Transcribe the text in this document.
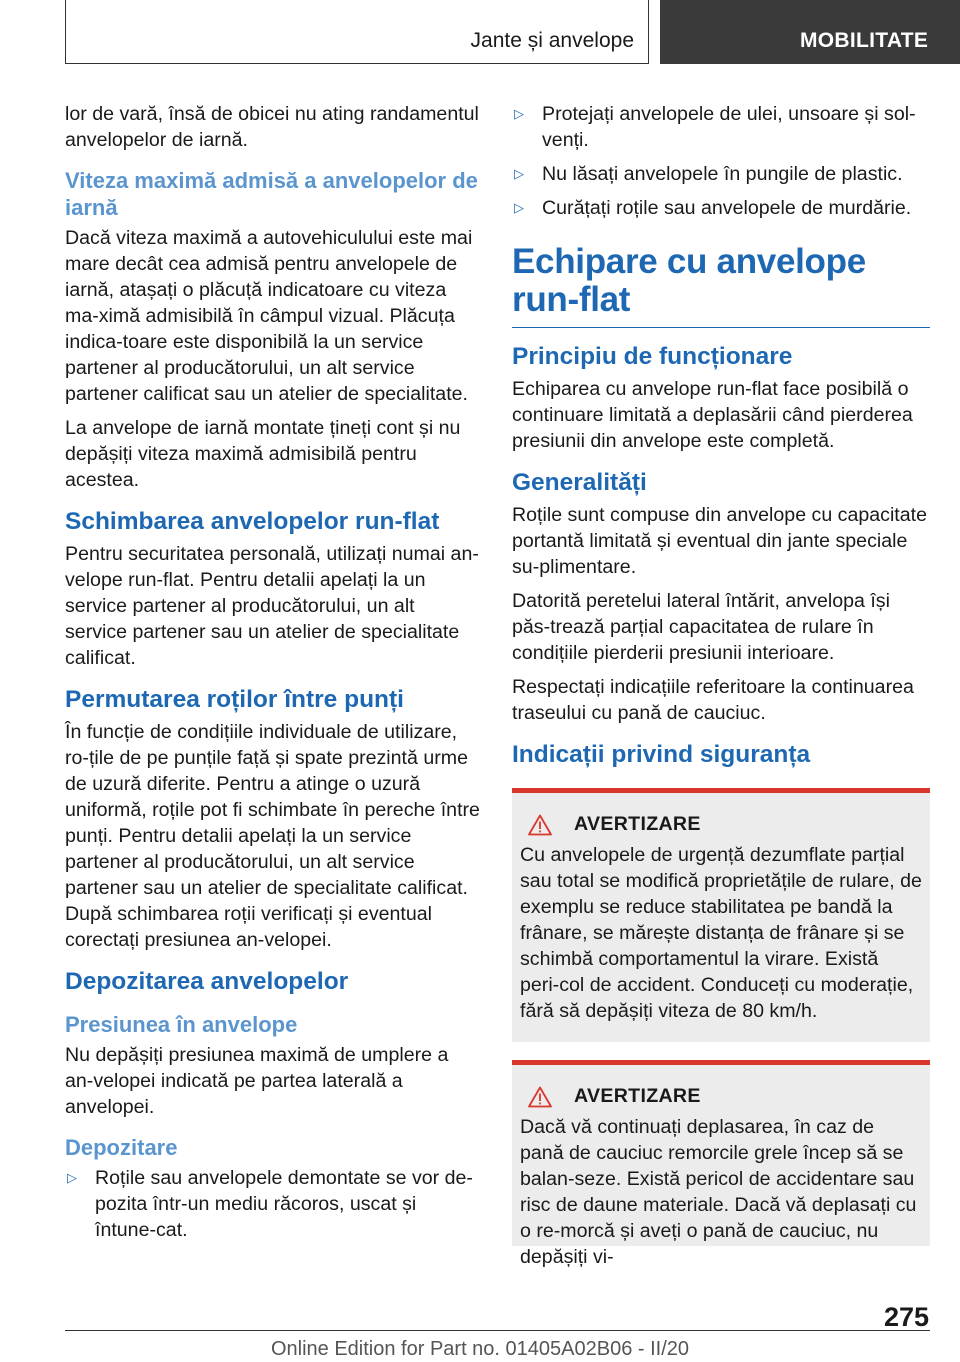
Jante și anvelope	MOBILITATE

lor de vară, însă de obicei nu ating randamentul anvelopelor de iarnă.

Viteza maximă admisă a anvelopelor de iarnă

Dacă viteza maximă a autovehiculului este mai mare decât cea admisă pentru anvelopele de iarnă, atașați o plăcuță indicatoare cu viteza ma-ximă admisibilă în câmpul vizual. Plăcuța indica-toare este disponibilă la un service partener al producătorului, un alt service partener calificat sau un atelier de specialitate.

La anvelope de iarnă montate țineți cont și nu depășiți viteza maximă admisibilă pentru acestea.

Schimbarea anvelopelor run-flat

Pentru securitatea personală, utilizați numai an-velope run-flat. Pentru detalii apelați la un service partener al producătorului, un alt service partener sau un atelier de specialitate calificat.

Permutarea roților între punți

În funcție de condițiile individuale de utilizare, ro-țile de pe punțile față și spate prezintă urme de uzură diferite. Pentru a atinge o uzură uniformă, roțile pot fi schimbate în pereche între punți. Pentru detalii apelați la un service partener al producătorului, un alt service partener sau un atelier de specialitate calificat. După schimbarea roții verificați și eventual corectați presiunea an-velopei.

Depozitarea anvelopelor
Presiunea în anvelope

Nu depășiți presiunea maximă de umplere a an-velopei indicată pe partea laterală a anvelopei.

Depozitare
▷ Roțile sau anvelopele demontate se vor de-pozita într-un mediu răcoros, uscat și întune-cat.
▷ Protejați anvelopele de ulei, unsoare și sol-venți.
▷ Nu lăsați anvelopele în pungile de plastic.
▷ Curățați roțile sau anvelopele de murdărie.
Echipare cu anvelope run-flat
Principiu de funcționare

Echiparea cu anvelope run-flat face posibilă o continuare limitată a deplasării când pierderea presiunii din anvelope este completă.

Generalități

Roțile sunt compuse din anvelope cu capacitate portantă limitată și eventual din jante speciale su-plimentare.

Datorită peretelui lateral întărit, anvelopa își păs-trează parțial capacitatea de rulare în condițiile pierderii presiunii interioare.

Respectați indicațiile referitoare la continuarea traseului cu pană de cauciuc.

Indicații privind siguranța
AVERTIZARE

Cu anvelopele de urgență dezumflate parțial sau total se modifică proprietățile de rulare, de exemplu se reduce stabilitatea pe bandă la frânare, se mărește distanța de frânare și se schimbă comportamentul la virare. Există peri-col de accident. Conduceți cu moderație, fără să depășiți viteza de 80 km/h.

AVERTIZARE

Dacă vă continuați deplasarea, în caz de pană de cauciuc remorcile grele încep să se balan-seze. Există pericol de accidentare sau risc de daune materiale. Dacă vă deplasați cu o re-morcă și aveți o pană de cauciuc, nu depășiți vi-

275
Online Edition for Part no. 01405A02B06 - II/20
